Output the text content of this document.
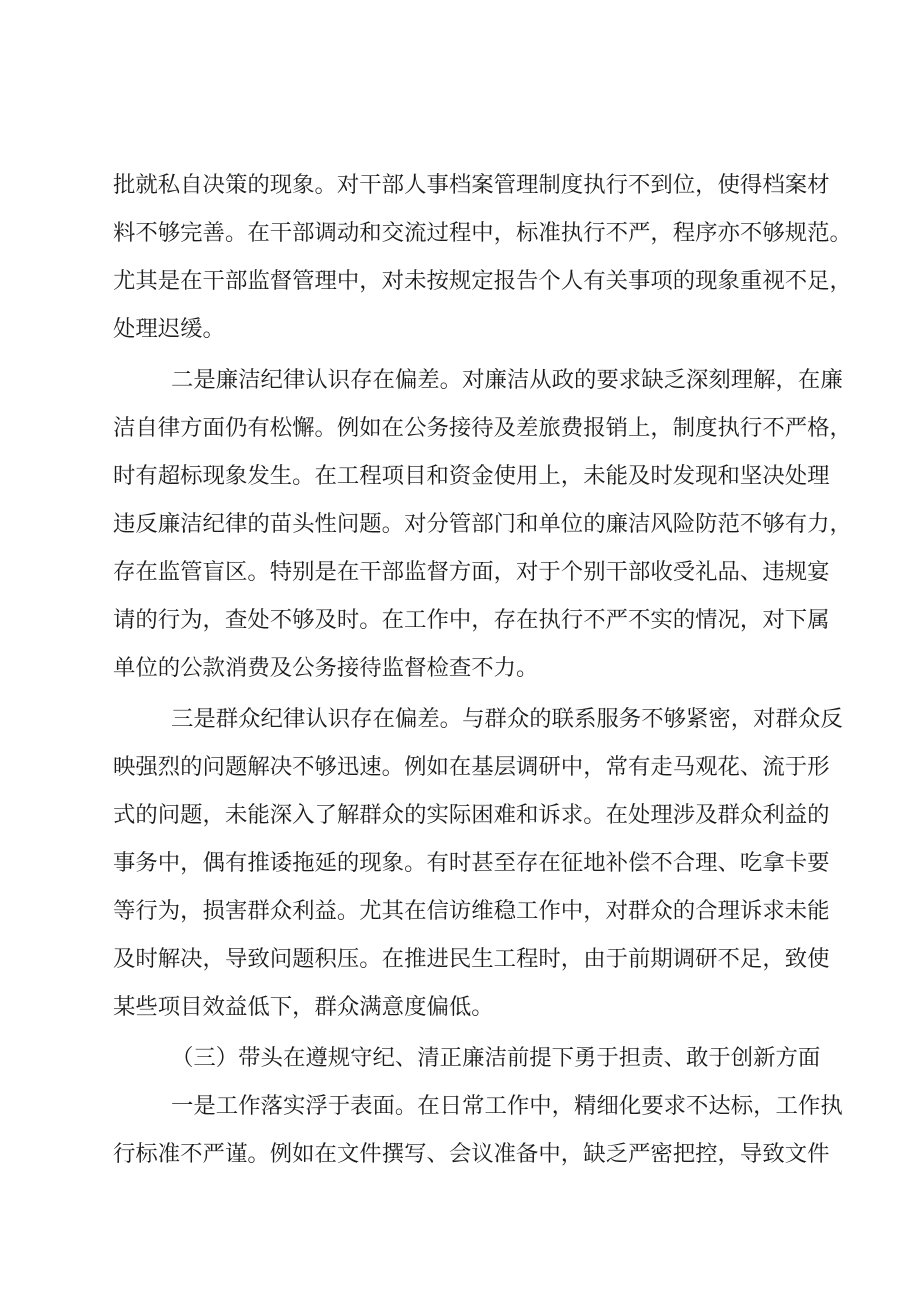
批就私自决策的现象。对干部人事档案管理制度执行不到位，使得档案材
料不够完善。在干部调动和交流过程中，标准执行不严，程序亦不够规范。
尤其是在干部监督管理中，对未按规定报告个人有关事项的现象重视不足，
处理迟缓。
二是廉洁纪律认识存在偏差。对廉洁从政的要求缺乏深刻理解，在廉
洁自律方面仍有松懈。例如在公务接待及差旅费报销上，制度执行不严格，
时有超标现象发生。在工程项目和资金使用上，未能及时发现和坚决处理
违反廉洁纪律的苗头性问题。对分管部门和单位的廉洁风险防范不够有力，
存在监管盲区。特别是在干部监督方面，对于个别干部收受礼品、违规宴
请的行为，查处不够及时。在工作中，存在执行不严不实的情况，对下属
单位的公款消费及公务接待监督检查不力。
三是群众纪律认识存在偏差。与群众的联系服务不够紧密，对群众反
映强烈的问题解决不够迅速。例如在基层调研中，常有走马观花、流于形
式的问题，未能深入了解群众的实际困难和诉求。在处理涉及群众利益的
事务中，偶有推诿拖延的现象。有时甚至存在征地补偿不合理、吃拿卡要
等行为，损害群众利益。尤其在信访维稳工作中，对群众的合理诉求未能
及时解决，导致问题积压。在推进民生工程时，由于前期调研不足，致使
某些项目效益低下，群众满意度偏低。
（三）带头在遵规守纪、清正廉洁前提下勇于担责、敢于创新方面
一是工作落实浮于表面。在日常工作中，精细化要求不达标，工作执
行标准不严谨。例如在文件撰写、会议准备中，缺乏严密把控，导致文件
